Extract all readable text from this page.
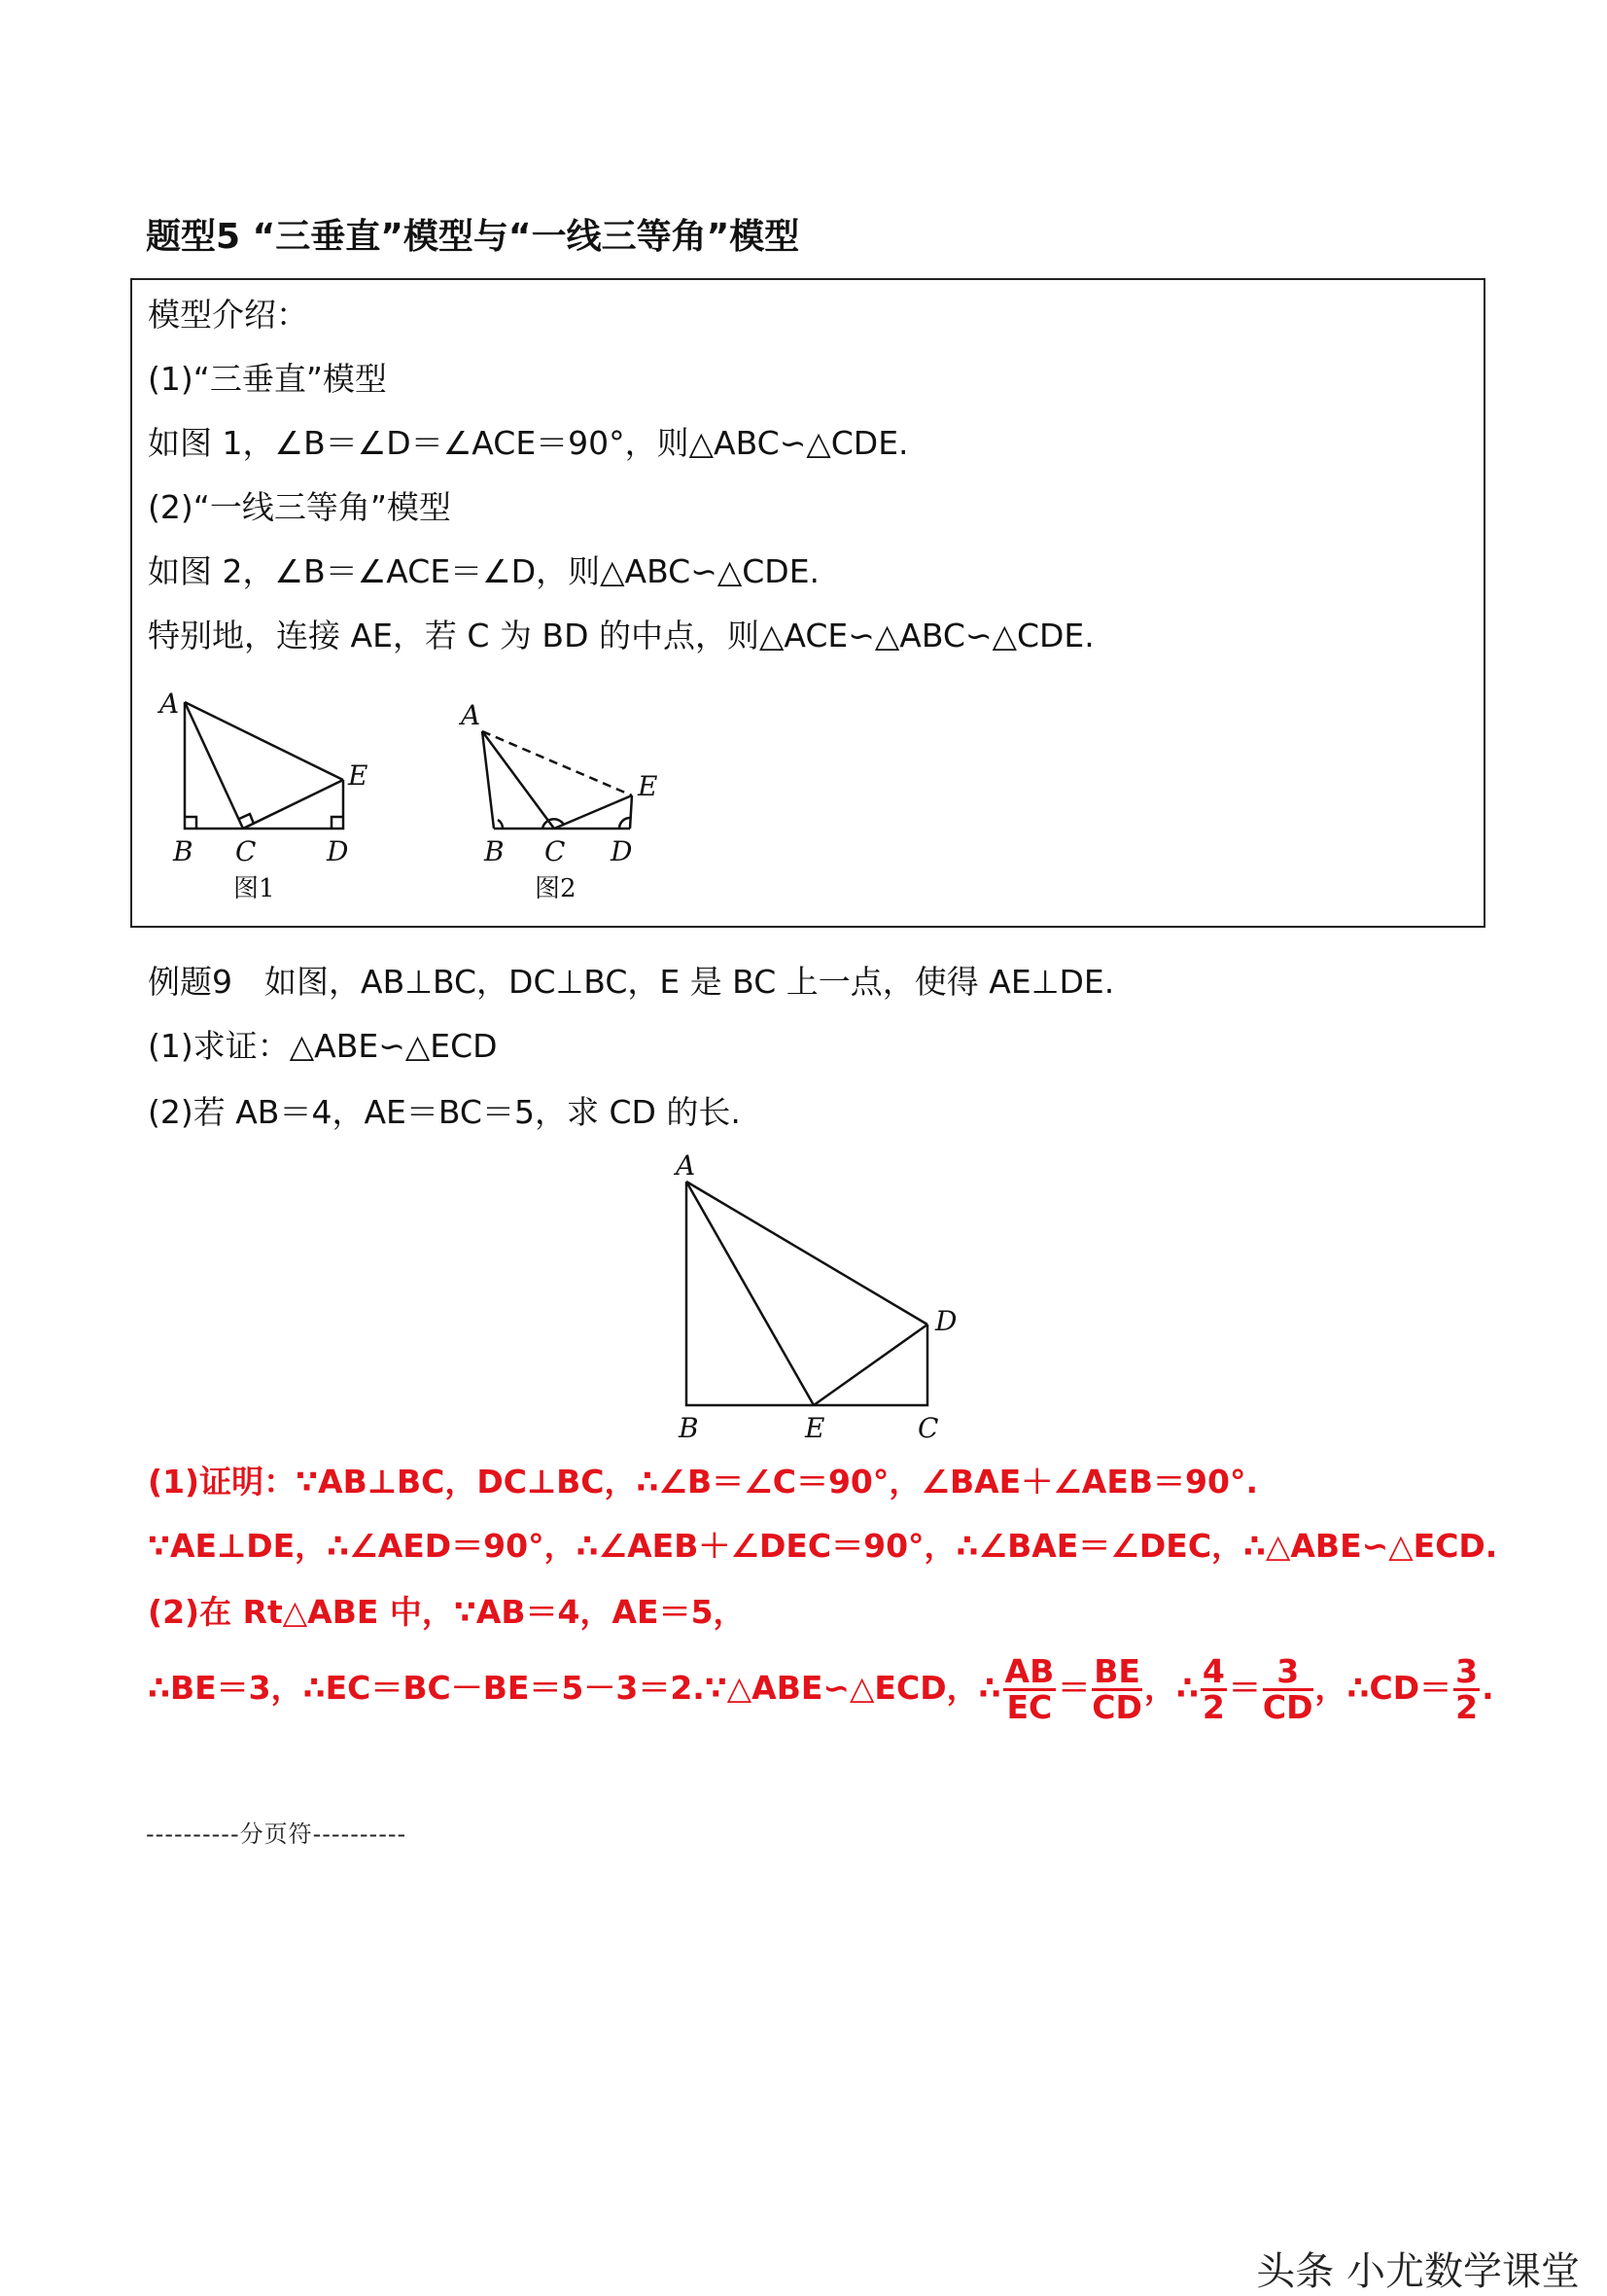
题型5 “三垂直”模型与“一线三等角”模型
模型介绍：
(1)“三垂直”模型
如图 1，∠B＝∠D＝∠ACE＝90°，则△ABC∽△CDE.
(2)“一线三等角”模型
如图 2，∠B＝∠ACE＝∠D，则△ABC∽△CDE.
特别地，连接 AE，若 C 为 BD 的中点，则△ACE∽△ABC∽△CDE.
A
B C	D
E
图1
A
B C D
E
图2
例题9　如图，AB⊥BC，DC⊥BC，E 是 BC 上一点，使得 AE⊥DE.
(1)求证：△ABE∽△ECD
(2)若 AB＝4，AE＝BC＝5，求 CD 的长.
A
B	E	C
D
(1)证明：∵AB⊥BC，DC⊥BC，∴∠B＝∠C＝90°，∠BAE＋∠AEB＝90°.
∵AE⊥DE，∴∠AED＝90°，∴∠AEB＋∠DEC＝90°，∴∠BAE＝∠DEC，∴△ABE∽△ECD.
(2)在 Rt△ABE 中，∵AB＝4，AE＝5，
∴BE＝3，∴EC＝BC－BE＝5－3＝2.∵△ABE∽△ECD，∴ $\frac{AB}{EC} = \frac{BE}{CD}$ ，∴ $\frac{4}{2} = \frac{3}{CD}$ ，∴CD＝ $\frac{3}{2}$ .
----------分页符----------
头条 小尤数学课堂
